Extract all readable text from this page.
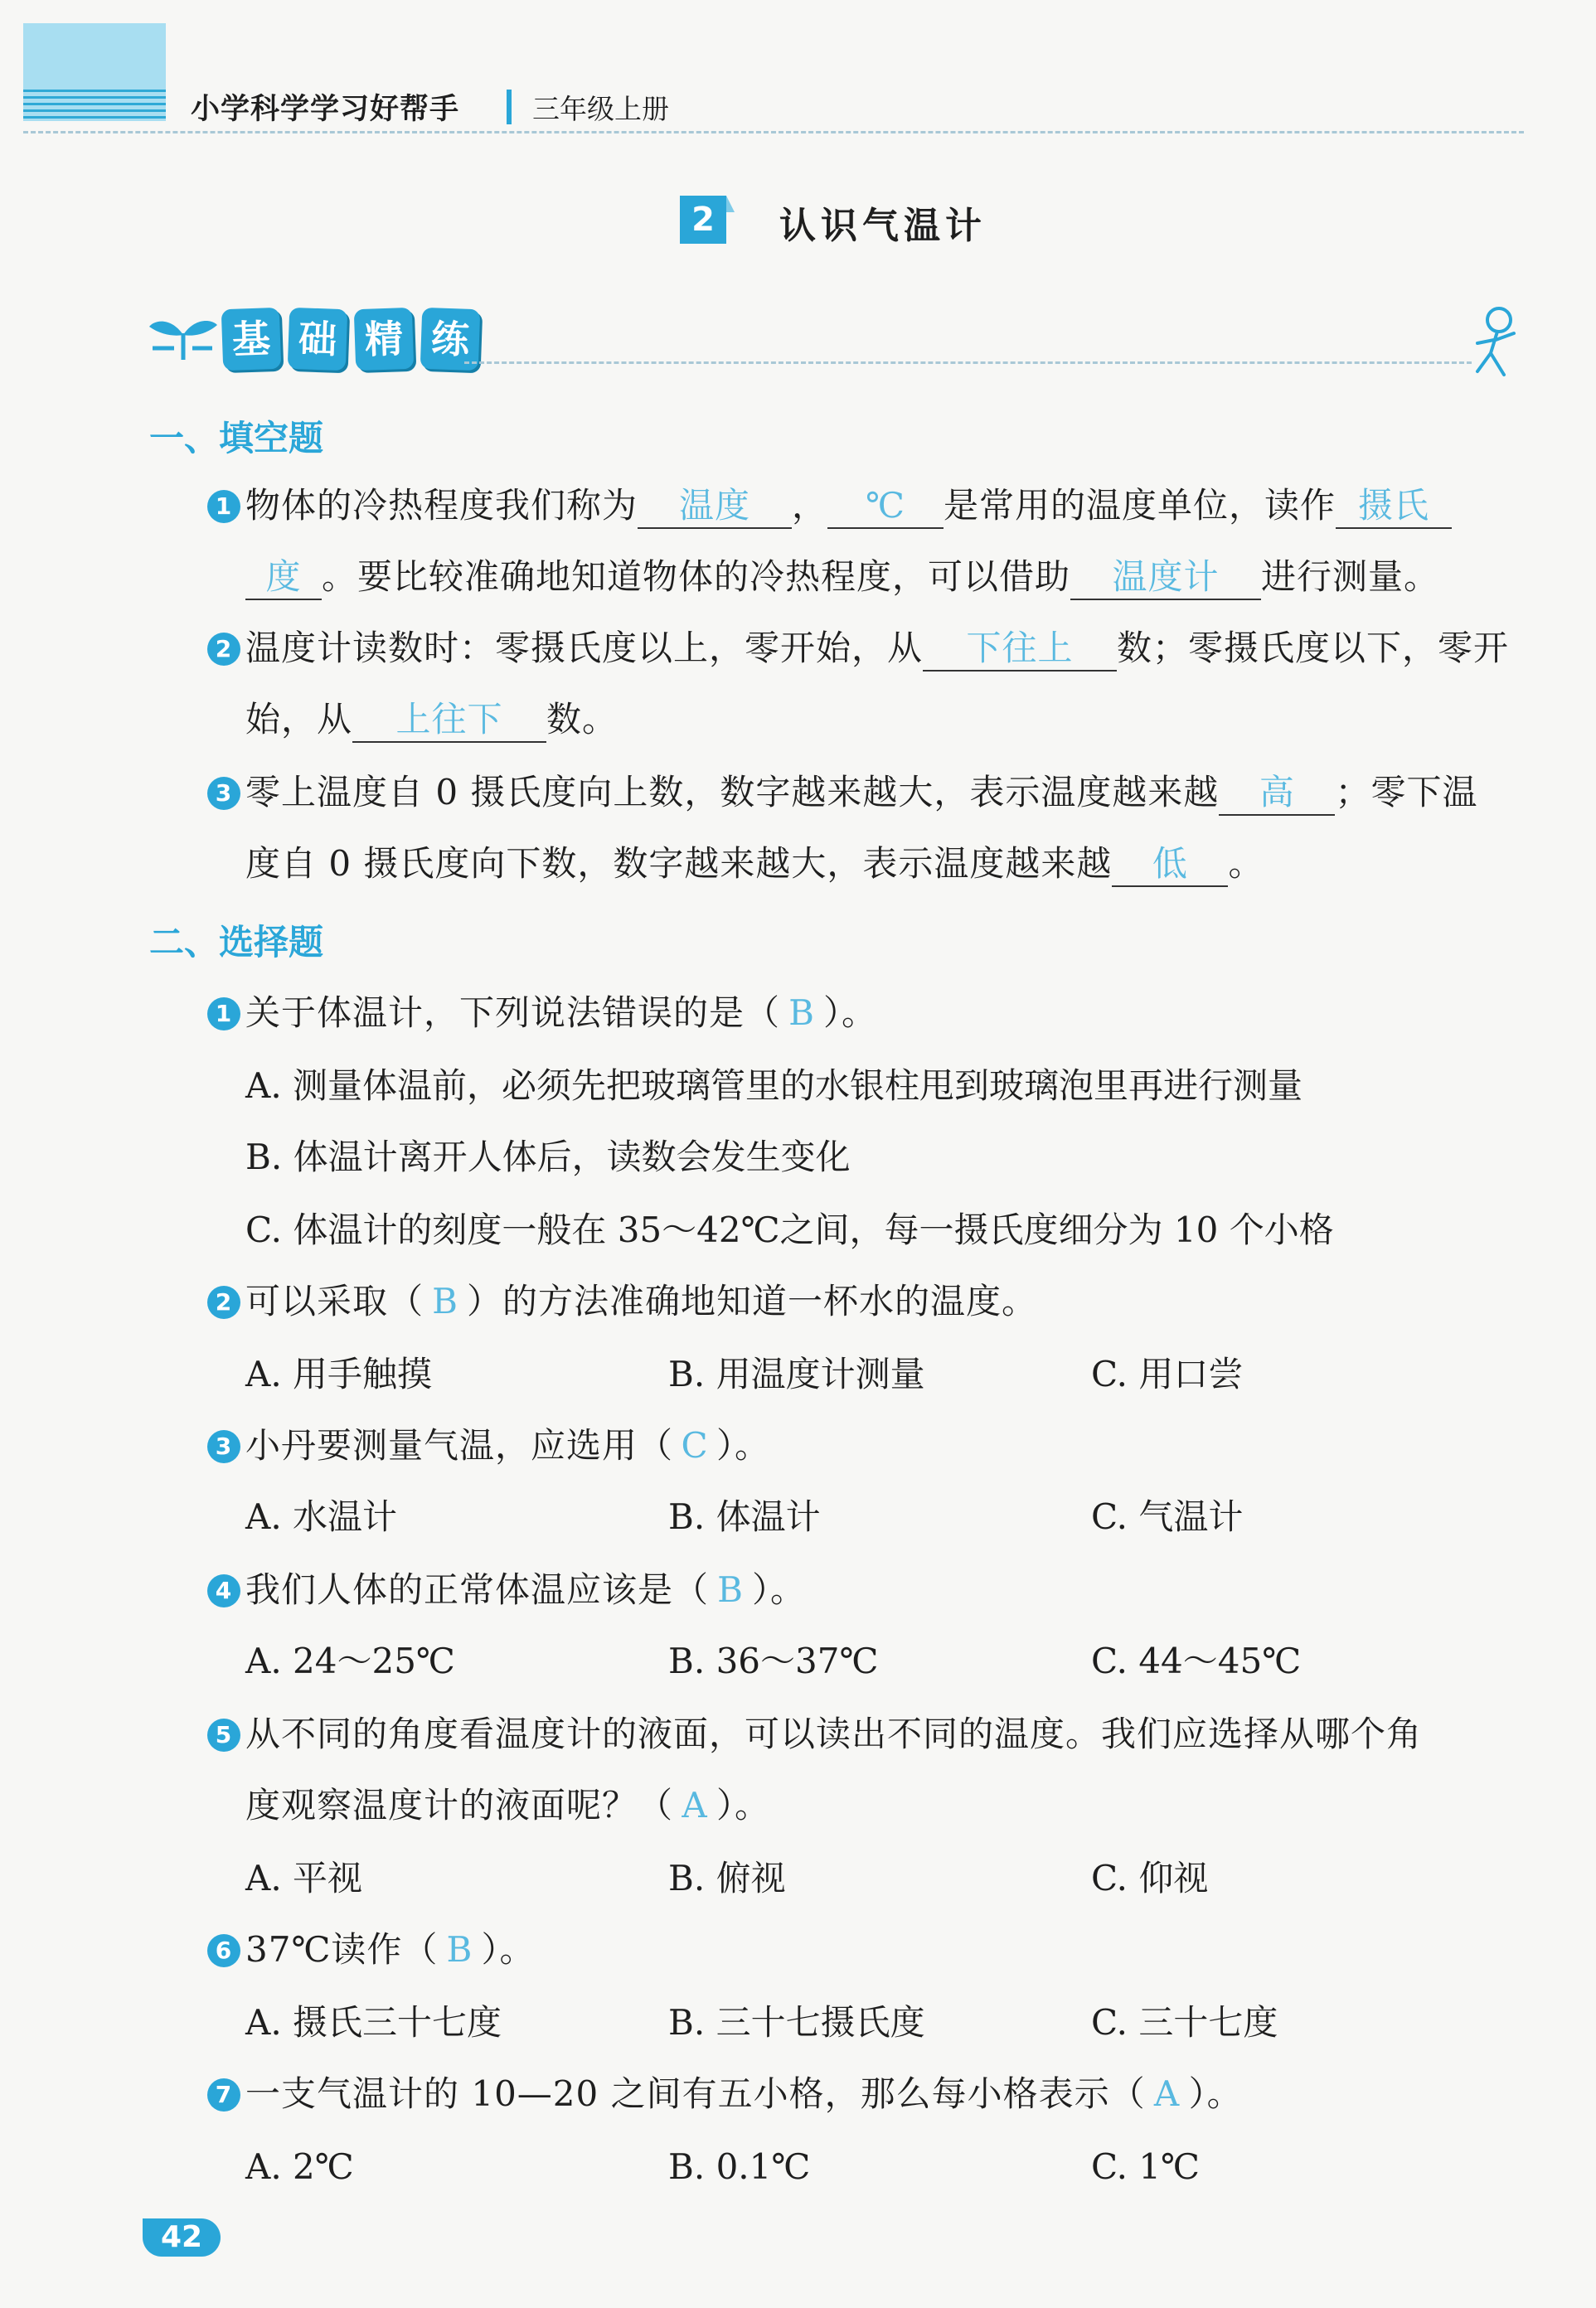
小学科学学习好帮手	三年级上册
2	认识气温计
基 础 精 练
一、填空题
1 物体的冷热程度我们称为 温度 ， ℃ 是常用的温度单位，读作 摄氏
度 。要比较准确地知道物体的冷热程度，可以借助 温度计 进行测量。
2 温度计读数时：零摄氏度以上，零开始，从 下往上 数；零摄氏度以下，零开
始，从 上往下 数。
3 零上温度自 0 摄氏度向上数，数字越来越大，表示温度越来越 高 ；零下温
度自 0 摄氏度向下数，数字越来越大，表示温度越来越 低 。
二、选择题
1 关于体温计，下列说法错误的是（ B ）。
A. 测量体温前，必须先把玻璃管里的水银柱甩到玻璃泡里再进行测量
B. 体温计离开人体后，读数会发生变化
C. 体温计的刻度一般在 35～42℃之间，每一摄氏度细分为 10 个小格
2 可以采取（ B ）的方法准确地知道一杯水的温度。
A. 用手触摸	B. 用温度计测量	C. 用口尝
3 小丹要测量气温，应选用（ C ）。
A. 水温计	B. 体温计	C. 气温计
4 我们人体的正常体温应该是（ B ）。
A. 24～25℃	B. 36～37℃	C. 44～45℃
5 从不同的角度看温度计的液面，可以读出不同的温度。我们应选择从哪个角
度观察温度计的液面呢？（ A ）。
A. 平视	B. 俯视	C. 仰视
6 37℃读作（ B ）。
A. 摄氏三十七度	B. 三十七摄氏度	C. 三十七度
7 一支气温计的 10—20 之间有五小格，那么每小格表示（ A ）。
A. 2℃	B. 0.1℃	C. 1℃
42
